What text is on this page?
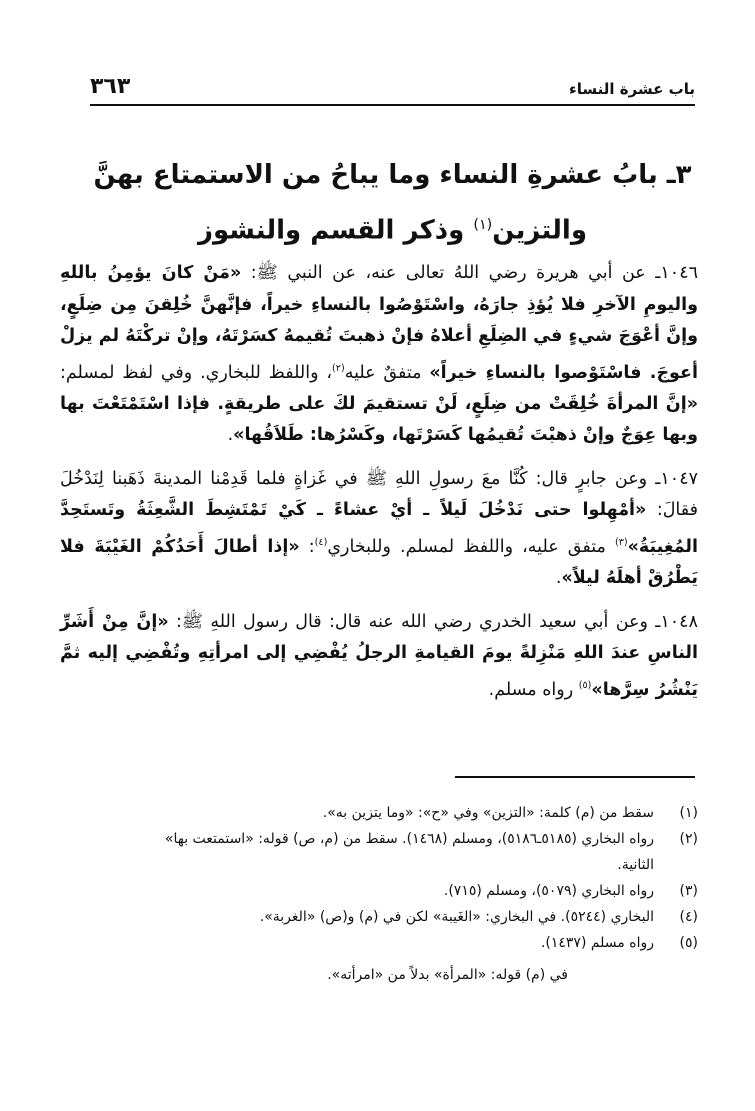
باب عشرة النساء
٣٦٣
٣ـ بابُ عشرةِ النساء وما يباحُ من الاستمتاع بهنَّ
والتزين$^{(١)}$ وذكر القسم والنشوز

١٠٤٦ـ عن أبي هريرة رضي اللهُ تعالى عنه، عن النبي ﷺ: «مَنْ كانَ يؤمِنُ باللهِ واليومِ الآخرِ فلا يُؤذِ جارَهُ، واسْتَوْصُوا بالنساءِ خيراً، فإنَّهنَّ خُلِقنَ مِن ضِلَعٍ، وإنَّ أعْوَجَ شيءٍ في الضِلَعِ أعلاهُ فإنْ ذهبتَ تُقيمهُ كسَرْتَهُ، وإنْ تركْتَهُ لم يزلْ أعوجَ. فاسْتَوْصوا بالنساءِ خيراً» متفقٌ عليه$^{(٢)}$، واللفظ للبخاري. وفي لفظ لمسلم: «إنَّ المرأةَ خُلِقَتْ من ضِلَعٍ، لَنْ تستقيمَ لكَ على طريقةٍ. فإذا اسْتَمْتَعْتَ بها وبها عِوَجٌ وإنْ ذهبْتَ تُقيمُها كَسَرْتَها، وكَسْرُها: طَلاَقُها».

١٠٤٧ـ وعن جابرٍ قال: كُنَّا معَ رسولِ اللهِ ﷺ في غَزاةٍ فلما قَدِمْنا المدينةَ ذَهَبنا لِنَدْخُلَ فقالَ: «أمْهِلوا حتى نَدْخُلَ لَيلاً ـ أيْ عشاءً ـ كَيْ تَمْتَشِطَ الشَّعِثَةُ وتَستَحِدَّ المُغِيبَةُ»$^{(٣)}$ متفق عليه، واللفظ لمسلم. وللبخاري$^{(٤)}$: «إذا أطالَ أَحَدُكُمْ الغَيْبَةَ فلا يَطْرُقْ أهلَهُ ليلاً».

١٠٤٨ـ وعن أبي سعيد الخدري رضي الله عنه قال: قال رسول اللهِ ﷺ: «إنَّ مِنْ أَشَرِّ الناسِ عندَ اللهِ مَنْزِلةً يومَ القيامةِ الرجلُ يُفْضِي إلى امرأتِهِ وتُفْضِي إليه ثمَّ يَنْشُرُ سِرَّها»$^{(٥)}$ رواه مسلم.

(١)
سقط من (م) كلمة: «التزين» وفي «ح»: «وما يتزين به».
(٢)
رواه البخاري (٥١٨٥ـ٥١٨٦)، ومسلم (١٤٦٨). سقط من (م، ص) قوله: «استمتعت بها»
الثانية.
(٣)
رواه البخاري (٥٠٧٩)، ومسلم (٧١٥).
(٤)
البخاري (٥٢٤٤). في البخاري: «الغَيبة» لكن في (م) و(ص) «الغربة».
(٥)
رواه مسلم (١٤٣٧).
في (م) قوله: «المرأة» بدلاً من «امرأته».
